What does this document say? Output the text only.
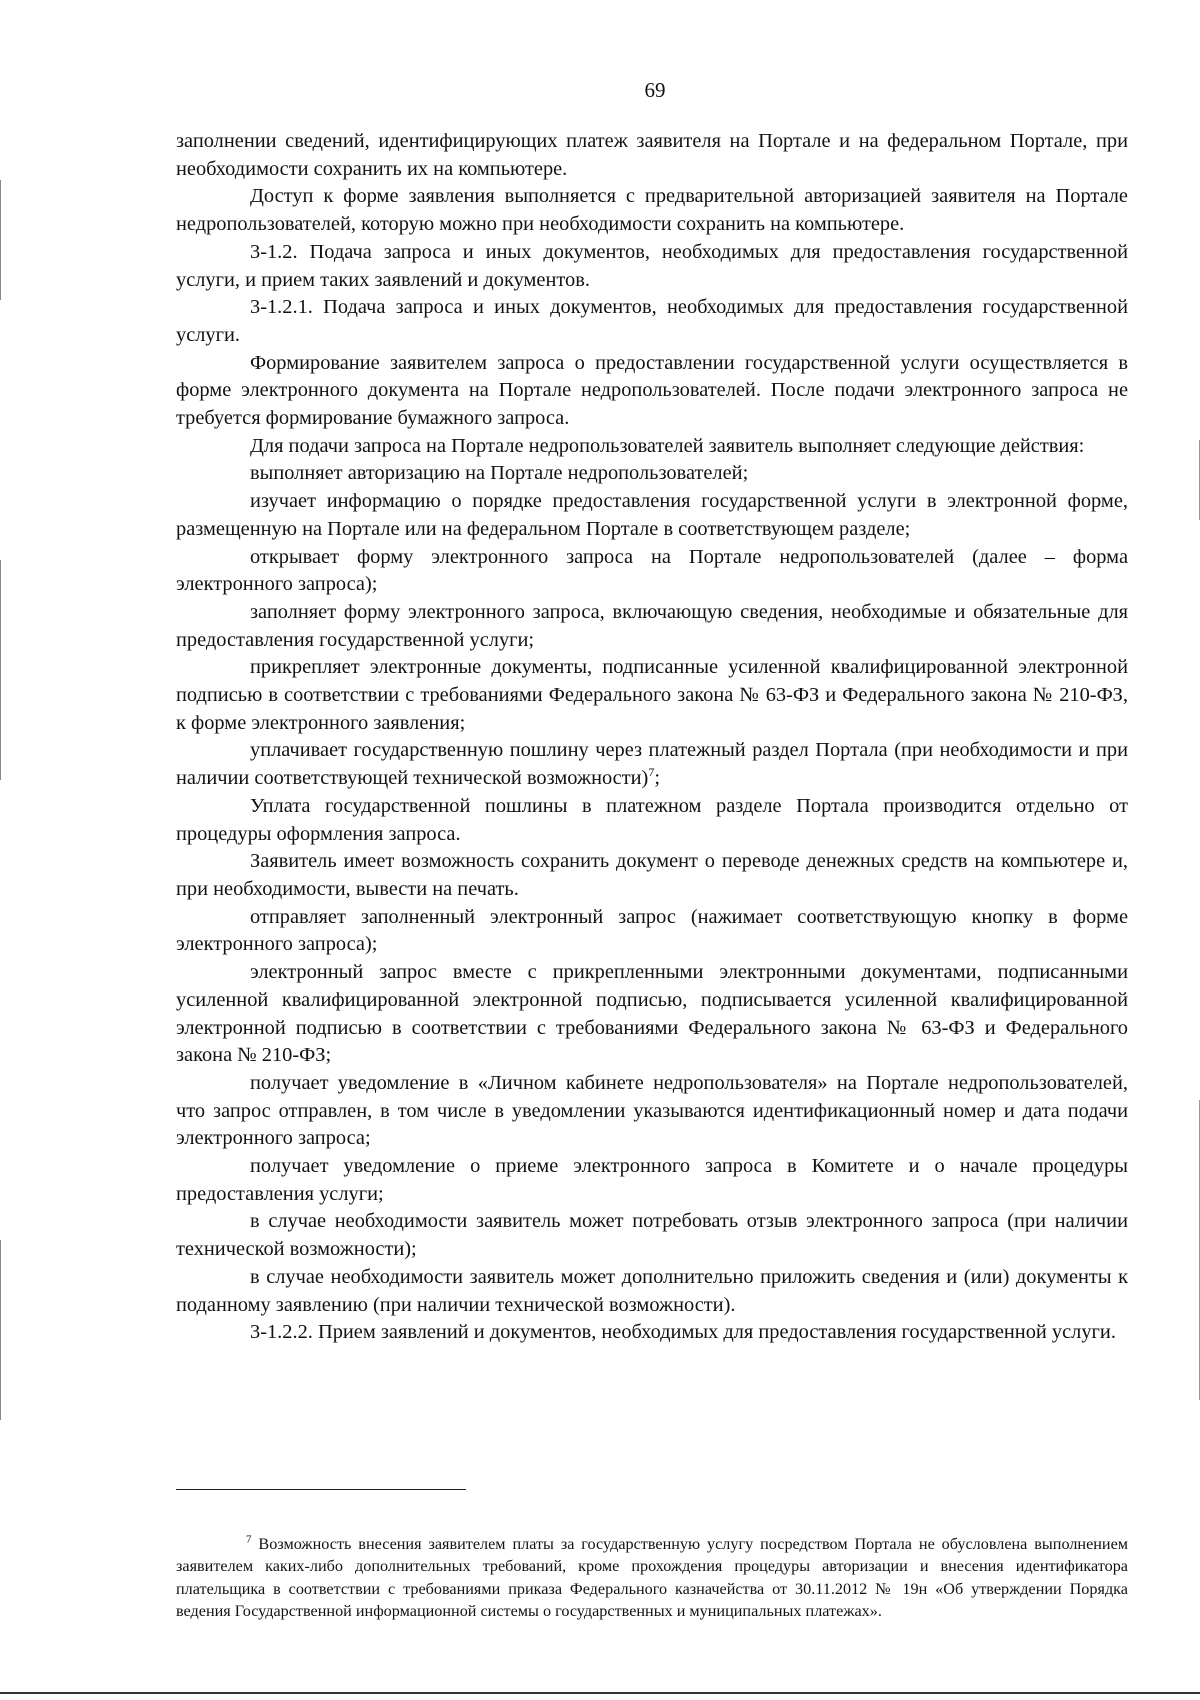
69

заполнении сведений, идентифицирующих платеж заявителя на Портале и на федеральном Портале, при необходимости сохранить их на компьютере.

Доступ к форме заявления выполняется с предварительной авторизацией заявителя на Портале недропользователей, которую можно при необходимости сохранить на компьютере.

3-1.2. Подача запроса и иных документов, необходимых для предоставления государственной услуги, и прием таких заявлений и документов.

3-1.2.1. Подача запроса и иных документов, необходимых для предоставления государственной услуги.

Формирование заявителем запроса о предоставлении государственной услуги осуществляется в форме электронного документа на Портале недропользователей. После подачи электронного запроса не требуется формирование бумажного запроса.

Для подачи запроса на Портале недропользователей заявитель выполняет следующие действия:

выполняет авторизацию на Портале недропользователей;

изучает информацию о порядке предоставления государственной услуги в электронной форме, размещенную на Портале или на федеральном Портале в соответствующем разделе;

открывает форму электронного запроса на Портале недропользователей (далее – форма электронного запроса);

заполняет форму электронного запроса, включающую сведения, необходимые и обязательные для предоставления государственной услуги;

прикрепляет электронные документы, подписанные усиленной квалифицированной электронной подписью в соответствии с требованиями Федерального закона № 63-ФЗ и Федерального закона № 210-ФЗ, к форме электронного заявления;

уплачивает государственную пошлину через платежный раздел Портала (при необходимости и при наличии соответствующей технической возможности)$^7$;

Уплата государственной пошлины в платежном разделе Портала производится отдельно от процедуры оформления запроса.

Заявитель имеет возможность сохранить документ о переводе денежных средств на компьютере и, при необходимости, вывести на печать.

отправляет заполненный электронный запрос (нажимает соответствующую кнопку в форме электронного запроса);

электронный запрос вместе с прикрепленными электронными документами, подписанными усиленной квалифицированной электронной подписью, подписывается усиленной квалифицированной электронной подписью в соответствии с требованиями Федерального закона № 63-ФЗ и Федерального закона № 210-ФЗ;

получает уведомление в «Личном кабинете недропользователя» на Портале недропользователей, что запрос отправлен, в том числе в уведомлении указываются идентификационный номер и дата подачи электронного запроса;

получает уведомление о приеме электронного запроса в Комитете и о начале процедуры предоставления услуги;

в случае необходимости заявитель может потребовать отзыв электронного запроса (при наличии технической возможности);

в случае необходимости заявитель может дополнительно приложить сведения и (или) документы к поданному заявлению (при наличии технической возможности).

3-1.2.2. Прием заявлений и документов, необходимых для предоставления государственной услуги.

$^7$ Возможность внесения заявителем платы за государственную услугу посредством Портала не обусловлена выполнением заявителем каких-либо дополнительных требований, кроме прохождения процедуры авторизации и внесения идентификатора плательщика в соответствии с требованиями приказа Федерального казначейства от 30.11.2012 № 19н «Об утверждении Порядка ведения Государственной информационной системы о государственных и муниципальных платежах».
